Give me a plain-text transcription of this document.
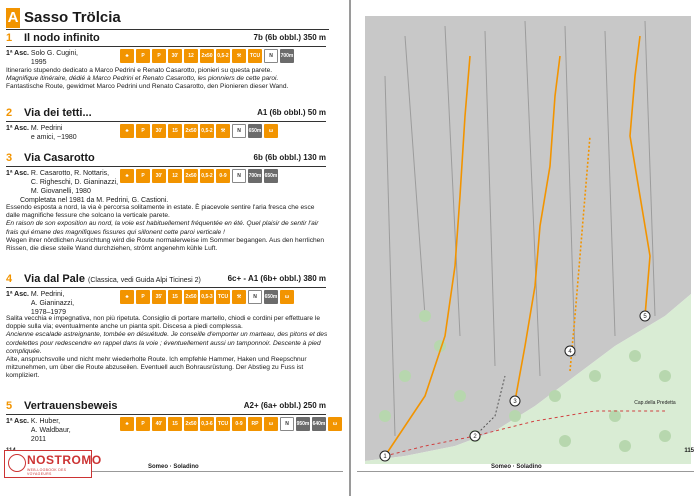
A Sasso Trölcia
1 Il nodo infinito	7b (6b obbl.) 350 m
1ª Asc. Solo G. Cugini,
1995
♣	P	P	30'	12	2x50 0,5-2	⚒	TCU	N	700m
Itinerario stupendo dedicato a Marco Pedrini e Renato Casarotto, pionieri su questa parete.
Magnifique itinéraire, dédié à Marco Pedrini et Renato Casarotto, les pionniers de cette paroi.
Fantastische Route, gewidmet Marco Pedrini und Renato Casarotto, den Pionieren dieser Wand.
2 Via dei tetti...	A1 (6b obbl.) 50 m
1ª Asc. M. Pedrini
e amici, ~1980
♣	P	30'	15	2x50 0,5-2	⚒	N	650m	ω
3 Via Casarotto	6b (6b obbl.) 130 m
1ª Asc. R. Casarotto, R. Nottaris,
C. Righeschi, D. Gianinazzi,
M. Giovanelli, 1980
Completata nel 1981 da M. Pedrini, G. Castioni.
♣	P	30'	12	2x50 0,5-2	0-9	N	700m 650m
Essendo esposta a nord, la via è percorsa solitamente in estate. È piacevole sentire l'aria fresca che esce dalle magnifiche fessure che solcano la verticale parete.
En raison de son exposition au nord, la voie est habituellement fréquentée en été. Quel plaisir de sentir l'air frais qui émane des magnifiques fissures qui sillonent cette paroi verticale !
Wegen ihrer nördlichen Ausrichtung wird die Route normalerweise im Sommer begangen. Aus den herrlichen Rissen, die diese steile Wand durchziehen, strömt angenehm kühle Luft.
4 Via dal Pale (Classica, vedi Guida Alpi Ticinesi 2)	6c+ - A1 (6b+ obbl.) 380 m
1ª Asc. M. Pedrini,
A. Gianinazzi,
1978–1979
♣	P	35'	15	2x50 0,5-3	TCU	⚒	N	650m	ω
Salita vecchia e impegnativa, non più ripetuta. Consiglio di portare martello, chiodi e cordini per effettuare le doppie sulla via; eventualmente anche un pianta spit. Discesa a piedi complessa.
Ancienne escalade astreignante, tombée en désuétude. Je conseille d'emporter un marteau, des pitons et des cordelettes pour redescendre en rappel dans la voie ; éventuellement aussi un tamponnoir. Descente à pied compliquée.
Alte, anspruchsvolle und nicht mehr wiederholte Route. Ich empfehle Hammer, Haken und Reepschnur mitzunehmen, um über die Route abzuseilen. Eventuell auch Bohrausrüstung. Der Abstieg zu Fuss ist kompliziert.
5 Vertrauensbeweis	A2+ (6a+ obbl.) 250 m
1ª Asc. K. Huber,
A. Waldbaur,
2011
♣	P	40'	15	2x50 0,3-6	TCU	0-9	RP	ω	N	950m 640m	ω
Someo · Soladino
NOSTROMO
WEB-LOGBOOK DES VOYAGEURS
1
2
3
4
5
Cap.della Predetta
115
Someo · Soladino
